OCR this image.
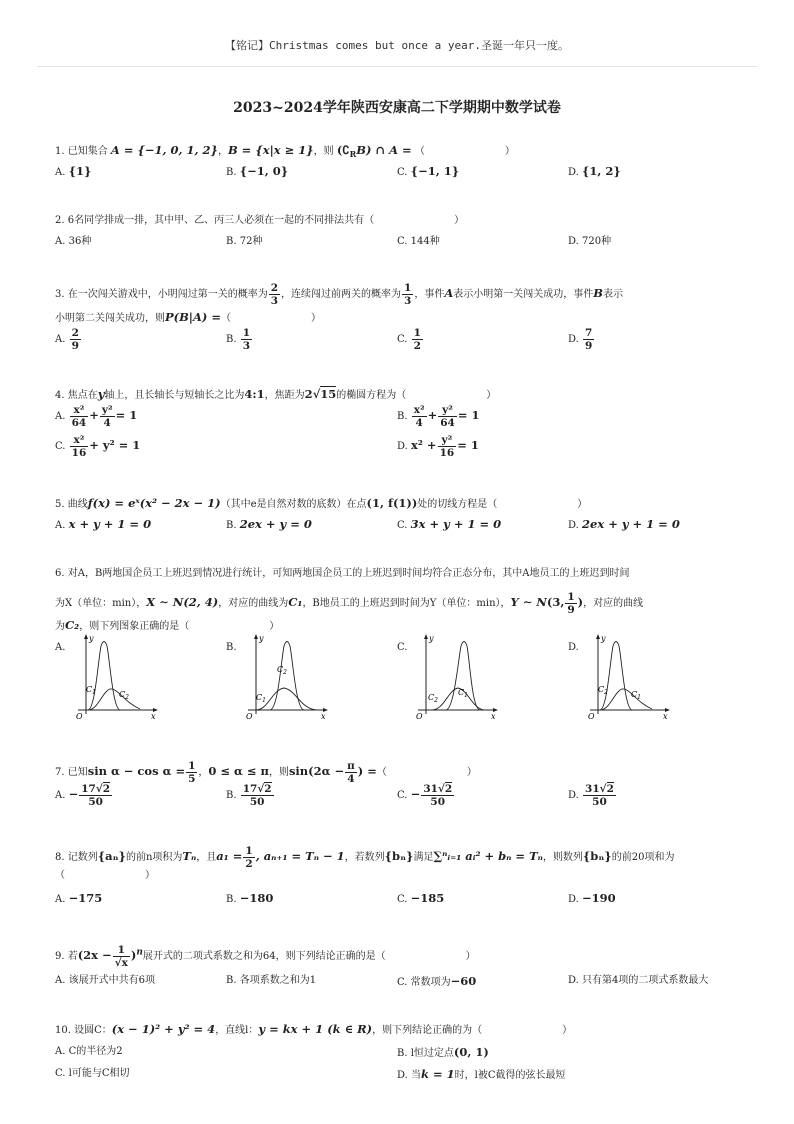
【铭记】Christmas comes but once a year.圣诞一年只一度。
2023~2024学年陕西安康高二下学期期中数学试卷
1. 已知集合 A = {−1, 0, 1, 2}，B = {x|x ≥ 1}，则 $(∁_RB)$ ∩ A = （　　　　　　　　）
A. {1}	B. {−1, 0}	C. {−1, 1}	D. {1, 2}
2. 6名同学排成一排，其中甲、乙、丙三人必须在一起的不同排法共有（　　　　　　　　）
A. 36种	B. 72种	C. 144种	D. 720种
3. 在一次闯关游戏中，小明闯过第一关的概率为 $\frac{2}{3}$ ，连续闯过前两关的概率为 $\frac{1}{3}$ ，事件A表示小明第一关闯关成功，事件B表示
小明第二关闯关成功，则P(B|A) =（　　　　　　　　）
A. $\frac{2}{9}$	B. $\frac{1}{3}$	C. $\frac{1}{2}$	D. $\frac{7}{9}$
4. 焦点在y轴上，且长轴长与短轴长之比为4:1，焦距为2√15的椭圆方程为（　　　　　　　　）
A. $\frac{\text{x²}}{64} + \frac{\text{y²}}{4} = 1$	B. $\frac{\text{x²}}{4} + \frac{\text{y²}}{64} = 1$
C. $\frac{\text{x²}}{16} + y^2 = 1$	D. $x^2 + \frac{\text{y²}}{16} = 1$
5. 曲线f(x) = eˣ(x² − 2x − 1)（其中e是自然对数的底数）在点(1, f(1))处的切线方程是（　　　　　　　　）
A. x + y + 1 = 0	B. 2ex + y = 0	C. 3x + y + 1 = 0	D. 2ex + y + 1 = 0
6. 对A，B两地国企员工上班迟到情况进行统计，可知两地国企员工的上班迟到时间均符合正态分布，其中A地员工的上班迟到时间
为X（单位：min），X ∼ N(2, 4)，对应的曲线为C₁，B地员工的上班迟到时间为Y（单位：min），Y ∼ N(3, $\frac{1}{9}$ )，对应的曲线
为C₂，则下列图象正确的是（　　　　　　　　）
A.	B.	C.	D.
y
x
O
$C_1$	$C_2$
y
x
O
$C_1$
$C_2$
y
x
O
$C_2$
$C_1$
y
x
O
$C_2$	$C_1$
7. 已知$\sin \alpha - \cos \alpha = \frac{1}{5}$ ，0 ≤ α ≤ π，则$\sin(2\alpha - \frac{\pi}{4}$ ) =（　　　　　　　　）
A. − $\frac{17√2}{50}$	B. $\frac{17√2}{50}$	C. − $\frac{31√2}{50}$	D. $\frac{31√2}{50}$
8. 记数列{aₙ}的前n项积为Tₙ，且$a_1 = \frac{1}{2}$ , aₙ₊₁ = Tₙ − 1，若数列{bₙ}满足∑ⁿᵢ₌₁ aᵢ² + bₙ = Tₙ，则数列{bₙ}的前20项和为
（　　　　　　　　）
A. −175	B. −180	C. −185	D. −190
9. 若$(2x - \frac{1}{√x} )^n$展开式的二项式系数之和为64，则下列结论正确的是（　　　　　　　　）
A. 该展开式中共有6项	B. 各项系数之和为1	C. 常数项为−60	D. 只有第4项的二项式系数最大
10. 设圆C：(x − 1)² + y² = 4，直线l：y = kx + 1 (k ∈ R)，则下列结论正确的为（　　　　　　　　）
A. C的半径为2	B. l恒过定点(0, 1)
C. l可能与C相切	D. 当k = 1时，l被C截得的弦长最短
